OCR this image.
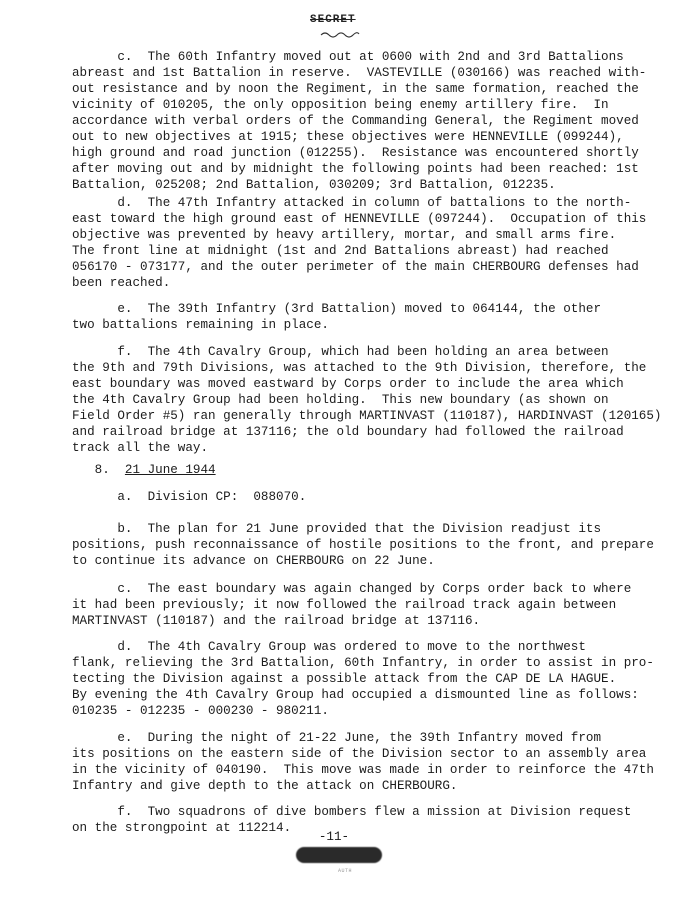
SECRET

c.  The 60th Infantry moved out at 0600 with 2nd and 3rd Battalions
abreast and 1st Battalion in reserve.  VASTEVILLE (030166) was reached with-
out resistance and by noon the Regiment, in the same formation, reached the
vicinity of 010205, the only opposition being enemy artillery fire.  In
accordance with verbal orders of the Commanding General, the Regiment moved
out to new objectives at 1915; these objectives were HENNEVILLE (099244),
high ground and road junction (012255).  Resistance was encountered shortly
after moving out and by midnight the following points had been reached: 1st
Battalion, 025208; 2nd Battalion, 030209; 3rd Battalion, 012235.

d.  The 47th Infantry attacked in column of battalions to the north-
east toward the high ground east of HENNEVILLE (097244).  Occupation of this
objective was prevented by heavy artillery, mortar, and small arms fire.
The front line at midnight (1st and 2nd Battalions abreast) had reached
056170 - 073177, and the outer perimeter of the main CHERBOURG defenses had
been reached.

e.  The 39th Infantry (3rd Battalion) moved to 064144, the other
two battalions remaining in place.

f.  The 4th Cavalry Group, which had been holding an area between
the 9th and 79th Divisions, was attached to the 9th Division, therefore, the
east boundary was moved eastward by Corps order to include the area which
the 4th Cavalry Group had been holding.  This new boundary (as shown on
Field Order #5) ran generally through MARTINVAST (110187), HARDINVAST (120165)
and railroad bridge at 137116; the old boundary had followed the railroad
track all the way.

8.  21 June 1944

a.  Division CP:  088070.

b.  The plan for 21 June provided that the Division readjust its
positions, push reconnaissance of hostile positions to the front, and prepare
to continue its advance on CHERBOURG on 22 June.

c.  The east boundary was again changed by Corps order back to where
it had been previously; it now followed the railroad track again between
MARTINVAST (110187) and the railroad bridge at 137116.

d.  The 4th Cavalry Group was ordered to move to the northwest
flank, relieving the 3rd Battalion, 60th Infantry, in order to assist in pro-
tecting the Division against a possible attack from the CAP DE LA HAGUE.
By evening the 4th Cavalry Group had occupied a dismounted line as follows:
010235 - 012235 - 000230 - 980211.

e.  During the night of 21-22 June, the 39th Infantry moved from
its positions on the eastern side of the Division sector to an assembly area
in the vicinity of 040190.  This move was made in order to reinforce the 47th
Infantry and give depth to the attack on CHERBOURG.

f.  Two squadrons of dive bombers flew a mission at Division request
on the strongpoint at 112214.

-11-
AUTH
